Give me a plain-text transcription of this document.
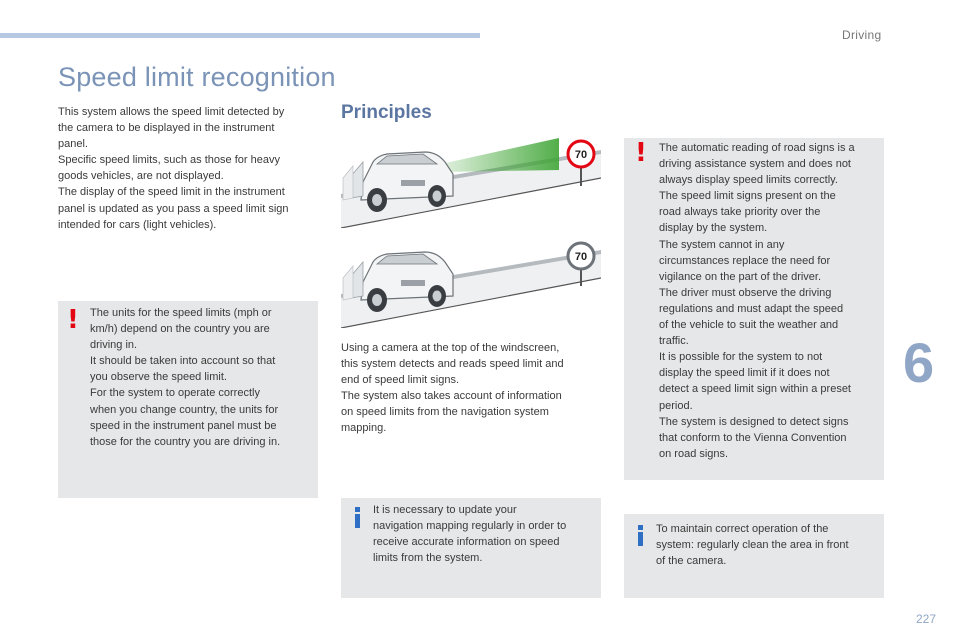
Driving
Speed limit recognition
6
227
This system allows the speed limit detected by
the camera to be displayed in the instrument
panel.
Specific speed limits, such as those for heavy
goods vehicles, are not displayed.
The display of the speed limit in the instrument
panel is updated as you pass a speed limit sign
intended for cars (light vehicles).
! The units for the speed limits (mph or
km/h) depend on the country you are
driving in.
It should be taken into account so that
you observe the speed limit.
For the system to operate correctly
when you change country, the units for
speed in the instrument panel must be
those for the country you are driving in.
Principles
70
70
Using a camera at the top of the windscreen,
this system detects and reads speed limit and
end of speed limit signs.
The system also takes account of information
on speed limits from the navigation system
mapping.
It is necessary to update your
navigation mapping regularly in order to
receive accurate information on speed
limits from the system.
! The automatic reading of road signs is a
driving assistance system and does not
always display speed limits correctly.
The speed limit signs present on the
road always take priority over the
display by the system.
The system cannot in any
circumstances replace the need for
vigilance on the part of the driver.
The driver must observe the driving
regulations and must adapt the speed
of the vehicle to suit the weather and
traffic.
It is possible for the system to not
display the speed limit if it does not
detect a speed limit sign within a preset
period.
The system is designed to detect signs
that conform to the Vienna Convention
on road signs.
To maintain correct operation of the
system: regularly clean the area in front
of the camera.
